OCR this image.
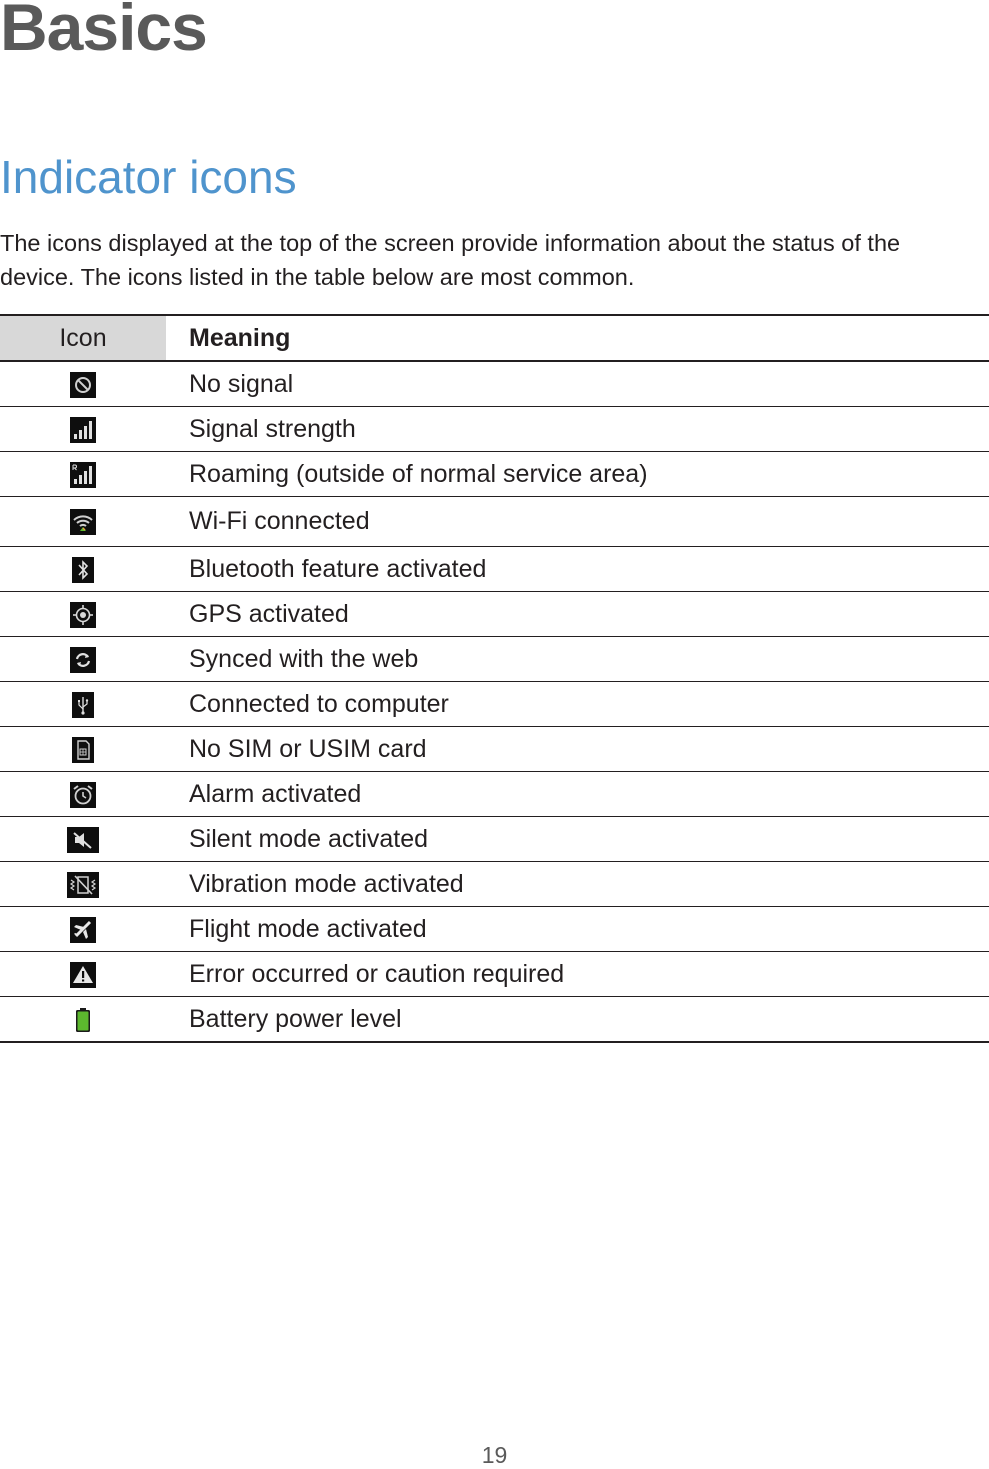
Basics
Indicator icons

The icons displayed at the top of the screen provide information about the status of the device. The icons listed in the table below are most common.

Icon	Meaning

	No signal

	Signal strength

	Roaming (outside of normal service area)

	Wi-Fi connected

	Bluetooth feature activated

	GPS activated

	Synced with the web

	Connected to computer

	No SIM or USIM card

	Alarm activated

	Silent mode activated

	Vibration mode activated

	Flight mode activated

	Error occurred or caution required

	Battery power level
19
